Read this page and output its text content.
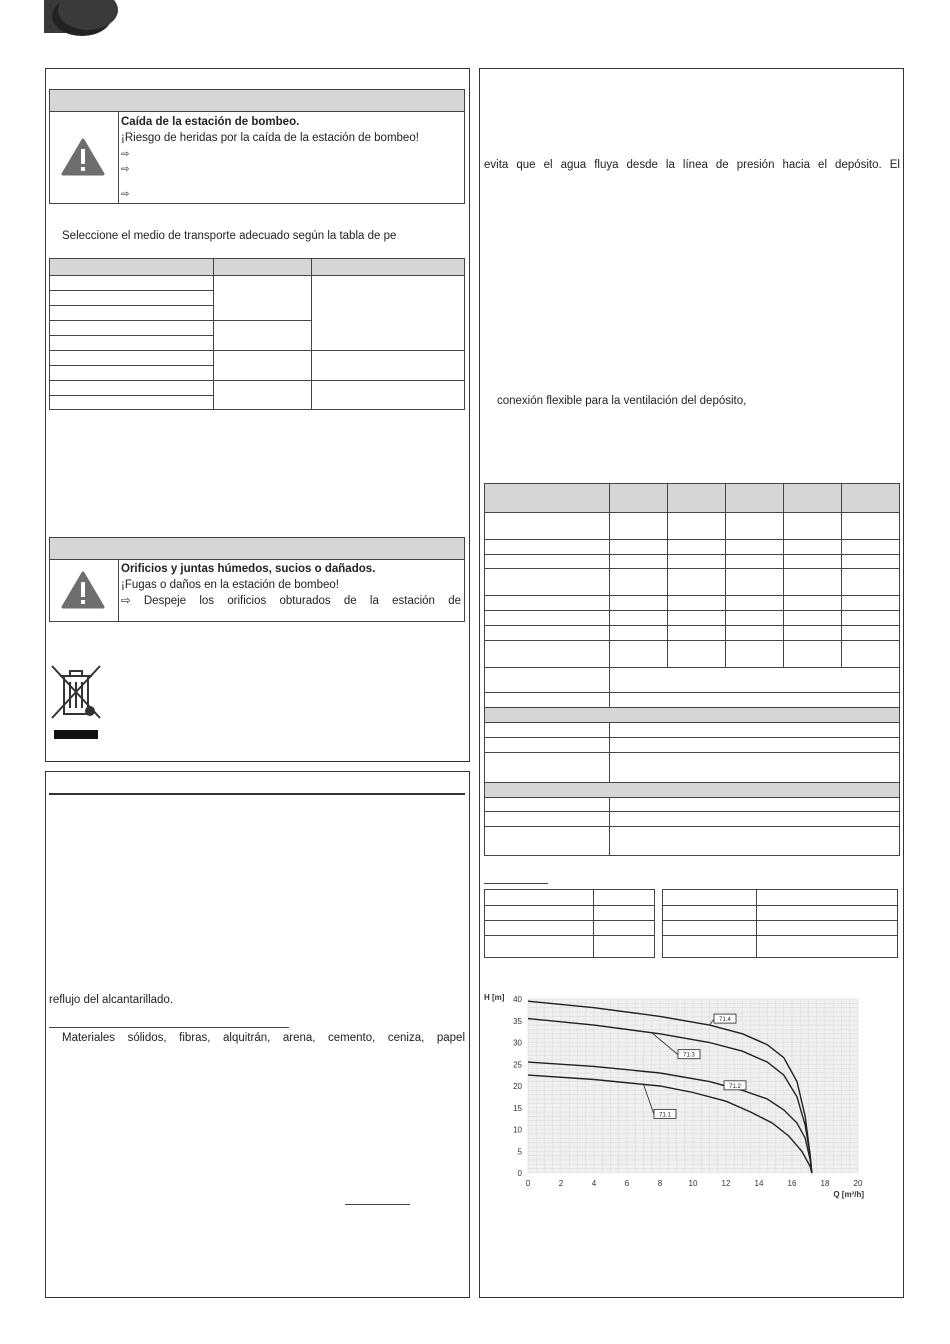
Caída de la estación de bombeo.
¡Riesgo de heridas por la caída de la estación de bombeo!
⇨
⇨
⇨
Seleccione el medio de transporte adecuado según la tabla de pe
Orificios y juntas húmedos, sucios o dañados.
¡Fugas o daños en la estación de bombeo!
⇨ Despeje los orificios obturados de la estación de
reflujo del alcantarillado.
Materiales sólidos, fibras, alquitrán, arena, cemento, ceniza, papel
evita que el agua fluya desde la línea de presión hacia el depósito. El
conexión flexible para la ventilación del depósito,
0	2	4	6	8	10	12	14	16	18	20
0
5
10
15
20
25
30
35
40
H [m]
Q [m³/h]
71.4
71.3
71.2
71.1
